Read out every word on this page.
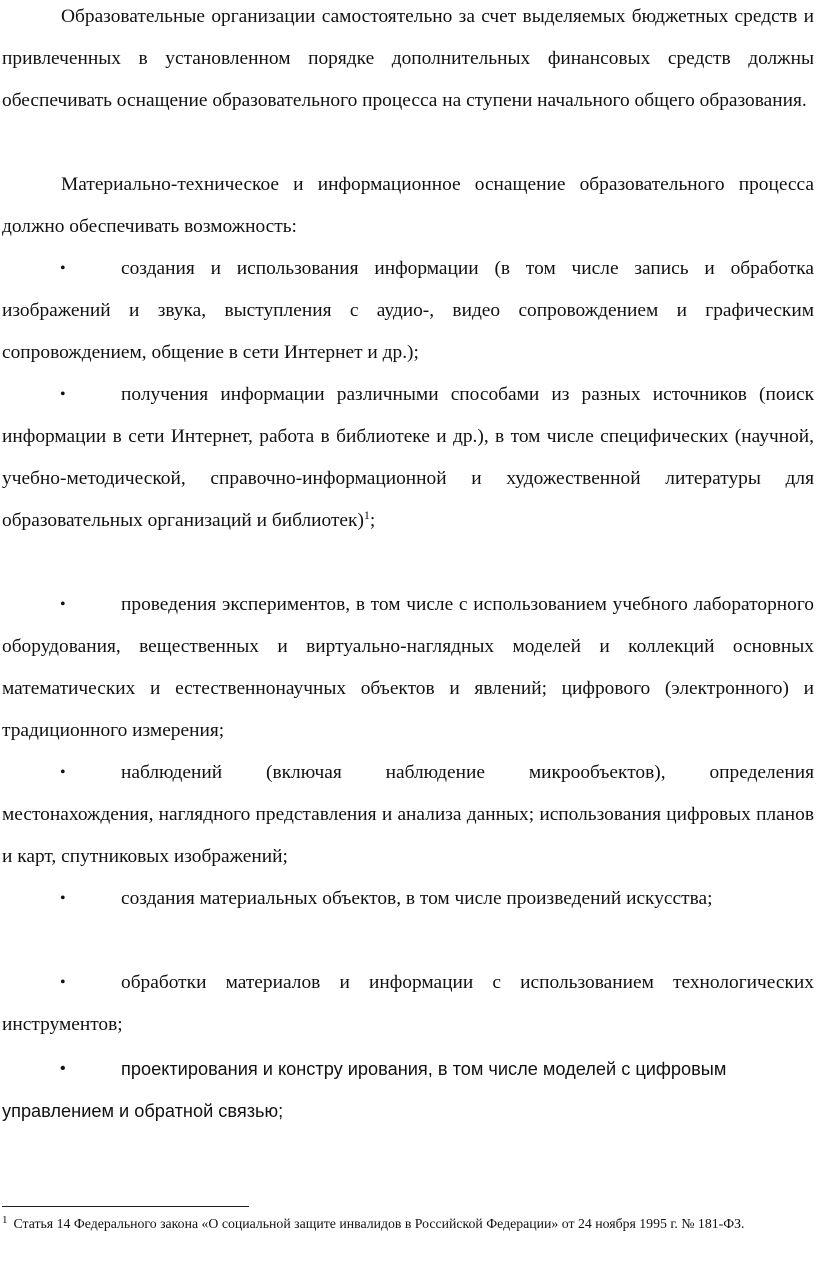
Образовательные организации самостоятельно за счет выделяемых бюджетных средств и привлеченных в установленном порядке дополнительных финансовых средств должны обеспечивать оснащение образовательного процесса на ступени начального общего образования.

Материально-техническое и информационное оснащение образовательного процесса должно обеспечивать возможность:

•	создания и использования информации (в том числе запись и обработка изображений и звука, выступления с аудио-, видео сопровождением и графическим сопровождением, общение в сети Интернет и др.);
•	получения информации различными способами из разных источников (поиск информации в сети Интернет, работа в библиотеке и др.), в том числе специфических (научной, учебно-методической, справочно-информационной и художественной литературы для образовательных организаций и библиотек)$^1$;
•	проведения экспериментов, в том числе с использованием учебного лабораторного оборудования, вещественных и виртуально-наглядных моделей и коллекций основных математических и естественнонаучных объектов и явлений; цифрового (электронного) и традиционного измерения;
•	наблюдений (включая наблюдение микрообъектов), определения местонахождения, наглядного представления и анализа данных; использования цифровых планов и карт, спутниковых изображений;
•	создания материальных объектов, в том числе произведений искусства;
•	обработки материалов и информации с использованием технологических инструментов;
•	проектирования и констру ирования, в том числе моделей с цифровым управлением и обратной связью;

$^1$ Статья 14 Федерального закона «О социальной защите инвалидов в Российской Федерации» от 24 ноября 1995 г. № 181-ФЗ.
